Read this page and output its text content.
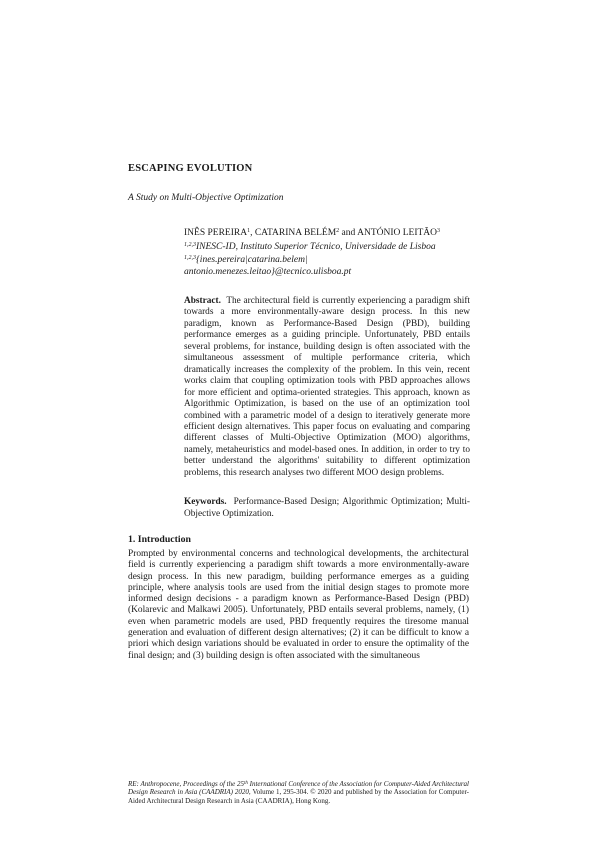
ESCAPING EVOLUTION

A Study on Multi-Objective Optimization

INÊS PEREIRA$^1$, CATARINA BELÉM$^2$ and ANTÓNIO LEITÃO$^3$
$^{1,2,3}$INESC-ID, Instituto Superior Técnico, Universidade de Lisboa
$^{1,2,3}${ines.pereira|catarina.belem|
antonio.menezes.leitao}@tecnico.ulisboa.pt

Abstract. The architectural field is currently experiencing a paradigm shift towards a more environmentally-aware design process. In this new paradigm, known as Performance-Based Design (PBD), building performance emerges as a guiding principle. Unfortunately, PBD entails several problems, for instance, building design is often associated with the simultaneous assessment of multiple performance criteria, which dramatically increases the complexity of the problem. In this vein, recent works claim that coupling optimization tools with PBD approaches allows for more efficient and optima-oriented strategies. This approach, known as Algorithmic Optimization, is based on the use of an optimization tool combined with a parametric model of a design to iteratively generate more efficient design alternatives. This paper focus on evaluating and comparing different classes of Multi-Objective Optimization (MOO) algorithms, namely, metaheuristics and model-based ones. In addition, in order to try to better understand the algorithms' suitability to different optimization problems, this research analyses two different MOO design problems.

Keywords. Performance-Based Design; Algorithmic Optimization; Multi-Objective Optimization.

1. Introduction

Prompted by environmental concerns and technological developments, the architectural field is currently experiencing a paradigm shift towards a more environmentally-aware design process. In this new paradigm, building performance emerges as a guiding principle, where analysis tools are used from the initial design stages to promote more informed design decisions - a paradigm known as Performance-Based Design (PBD) (Kolarevic and Malkawi 2005). Unfortunately, PBD entails several problems, namely, (1) even when parametric models are used, PBD frequently requires the tiresome manual generation and evaluation of different design alternatives; (2) it can be difficult to know a priori which design variations should be evaluated in order to ensure the optimality of the final design; and (3) building design is often associated with the simultaneous

RE: Anthropocene, Proceedings of the 25th International Conference of the Association for Computer-Aided Architectural Design Research in Asia (CAADRIA) 2020, Volume 1, 295-304. © 2020 and published by the Association for Computer-Aided Architectural Design Research in Asia (CAADRIA), Hong Kong.
